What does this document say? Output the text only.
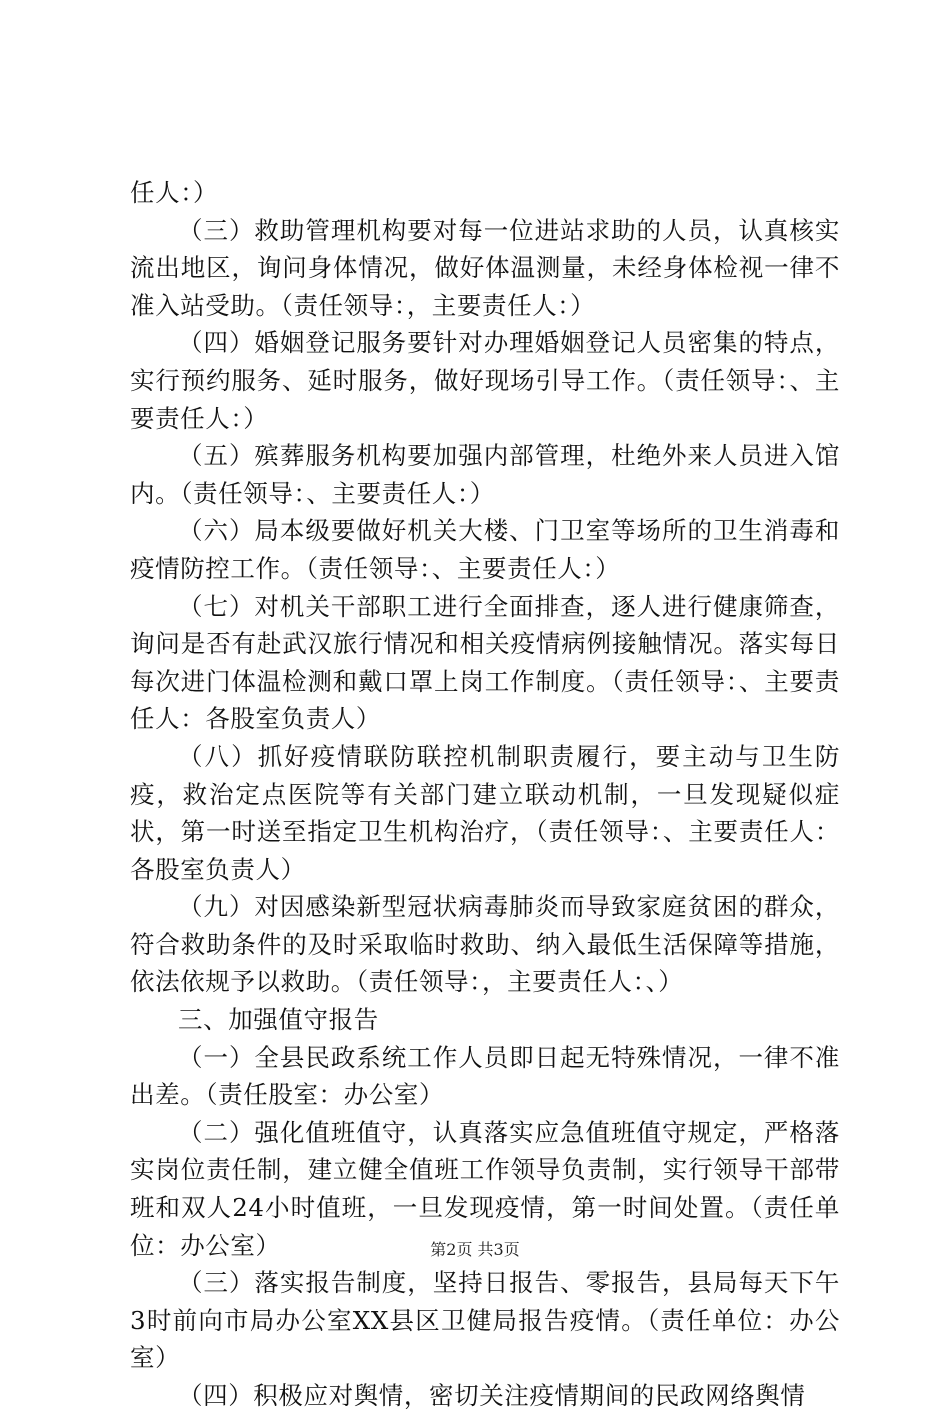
任人：）

（三）救助管理机构要对每一位进站求助的人员，认真核实流出地区，询问身体情况，做好体温测量，未经身体检视一律不准入站受助。（责任领导：，主要责任人：）

（四）婚姻登记服务要针对办理婚姻登记人员密集的特点，实行预约服务、延时服务，做好现场引导工作。（责任领导：、主要责任人：）

（五）殡葬服务机构要加强内部管理，杜绝外来人员进入馆内。（责任领导：、主要责任人：）

（六）局本级要做好机关大楼、门卫室等场所的卫生消毒和疫情防控工作。（责任领导：、主要责任人：）

（七）对机关干部职工进行全面排查，逐人进行健康筛查，询问是否有赴武汉旅行情况和相关疫情病例接触情况。落实每日每次进门体温检测和戴口罩上岗工作制度。（责任领导：、主要责任人：各股室负责人）

（八）抓好疫情联防联控机制职责履行，要主动与卫生防疫，救治定点医院等有关部门建立联动机制，一旦发现疑似症状，第一时送至指定卫生机构治疗，（责任领导：、主要责任人：各股室负责人）

（九）对因感染新型冠状病毒肺炎而导致家庭贫困的群众，符合救助条件的及时采取临时救助、纳入最低生活保障等措施，依法依规予以救助。（责任领导：，主要责任人：、）

三、加强值守报告

（一）全县民政系统工作人员即日起无特殊情况，一律不准出差。（责任股室：办公室）

（二）强化值班值守，认真落实应急值班值守规定，严格落实岗位责任制，建立健全值班工作领导负责制，实行领导干部带班和双人24小时值班，一旦发现疫情，第一时间处置。（责任单位：办公室）

（三）落实报告制度，坚持日报告、零报告，县局每天下午3时前向市局办公室XX县区卫健局报告疫情。（责任单位：办公室）

（四）积极应对舆情，密切关注疫情期间的民政网络舆情

第2页 共3页
